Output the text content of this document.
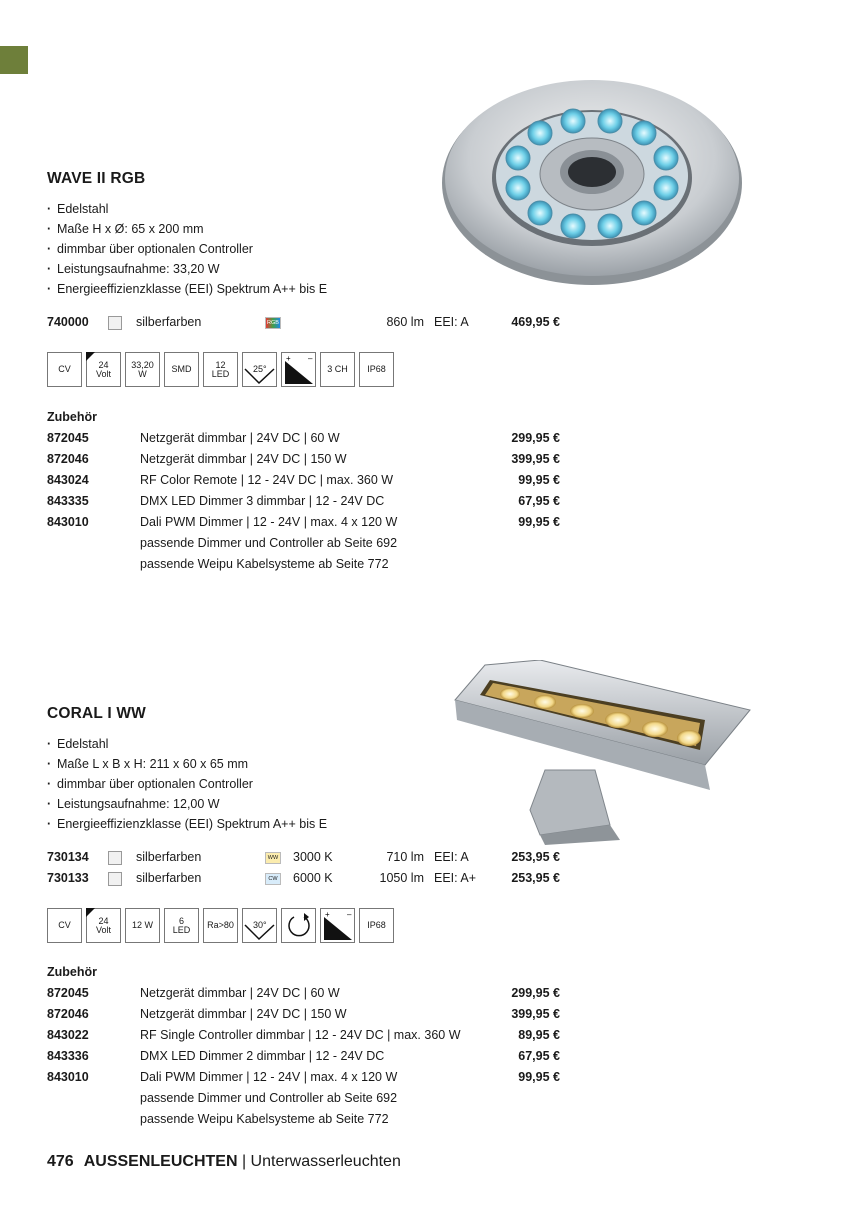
WAVE II RGB
· Edelstahl
· Maße H x Ø: 65 x 200 mm
· dimmbar über optionalen Controller
· Leistungsaufnahme: 33,20 W
· Energieeffizienzklasse (EEI) Spektrum A++ bis E
740000	silberfarben	RGB	860 lm EEI: A	469,95 €
CV	24 Volt
33,20 W	SMD	12 LED	25°
+ –
3 CH	IP68
Zubehör
872045	Netzgerät dimmbar | 24V DC | 60 W	299,95 €
872046	Netzgerät dimmbar | 24V DC | 150 W	399,95 €
843024	RF Color Remote | 12 - 24V DC | max. 360 W	99,95 €
843335	DMX LED Dimmer 3 dimmbar | 12 - 24V DC	67,95 €
843010	Dali PWM Dimmer | 12 - 24V | max. 4 x 120 W	99,95 €
passende Dimmer und Controller ab Seite 692
passende Weipu Kabelsysteme ab Seite 772
CORAL I WW
· Edelstahl
· Maße L x B x H: 211 x 60 x 65 mm
· dimmbar über optionalen Controller
· Leistungsaufnahme: 12,00 W
· Energieeffizienzklasse (EEI) Spektrum A++ bis E
730134	silberfarben	WW 3000 K	710 lm EEI: A	253,95 €
730133	silberfarben	CW 6000 K	1050 lm EEI: A+	253,95 €
CV	24 Volt	12 W	6 LED	Ra>80	30°
+ –
IP68
Zubehör
872045	Netzgerät dimmbar | 24V DC | 60 W	299,95 €
872046	Netzgerät dimmbar | 24V DC | 150 W	399,95 €
843022	RF Single Controller dimmbar | 12 - 24V DC | max. 360 W	89,95 €
843336	DMX LED Dimmer 2 dimmbar | 12 - 24V DC	67,95 €
843010	Dali PWM Dimmer | 12 - 24V | max. 4 x 120 W	99,95 €
passende Dimmer und Controller ab Seite 692
passende Weipu Kabelsysteme ab Seite 772
476 AUSSENLEUCHTEN | Unterwasserleuchten
